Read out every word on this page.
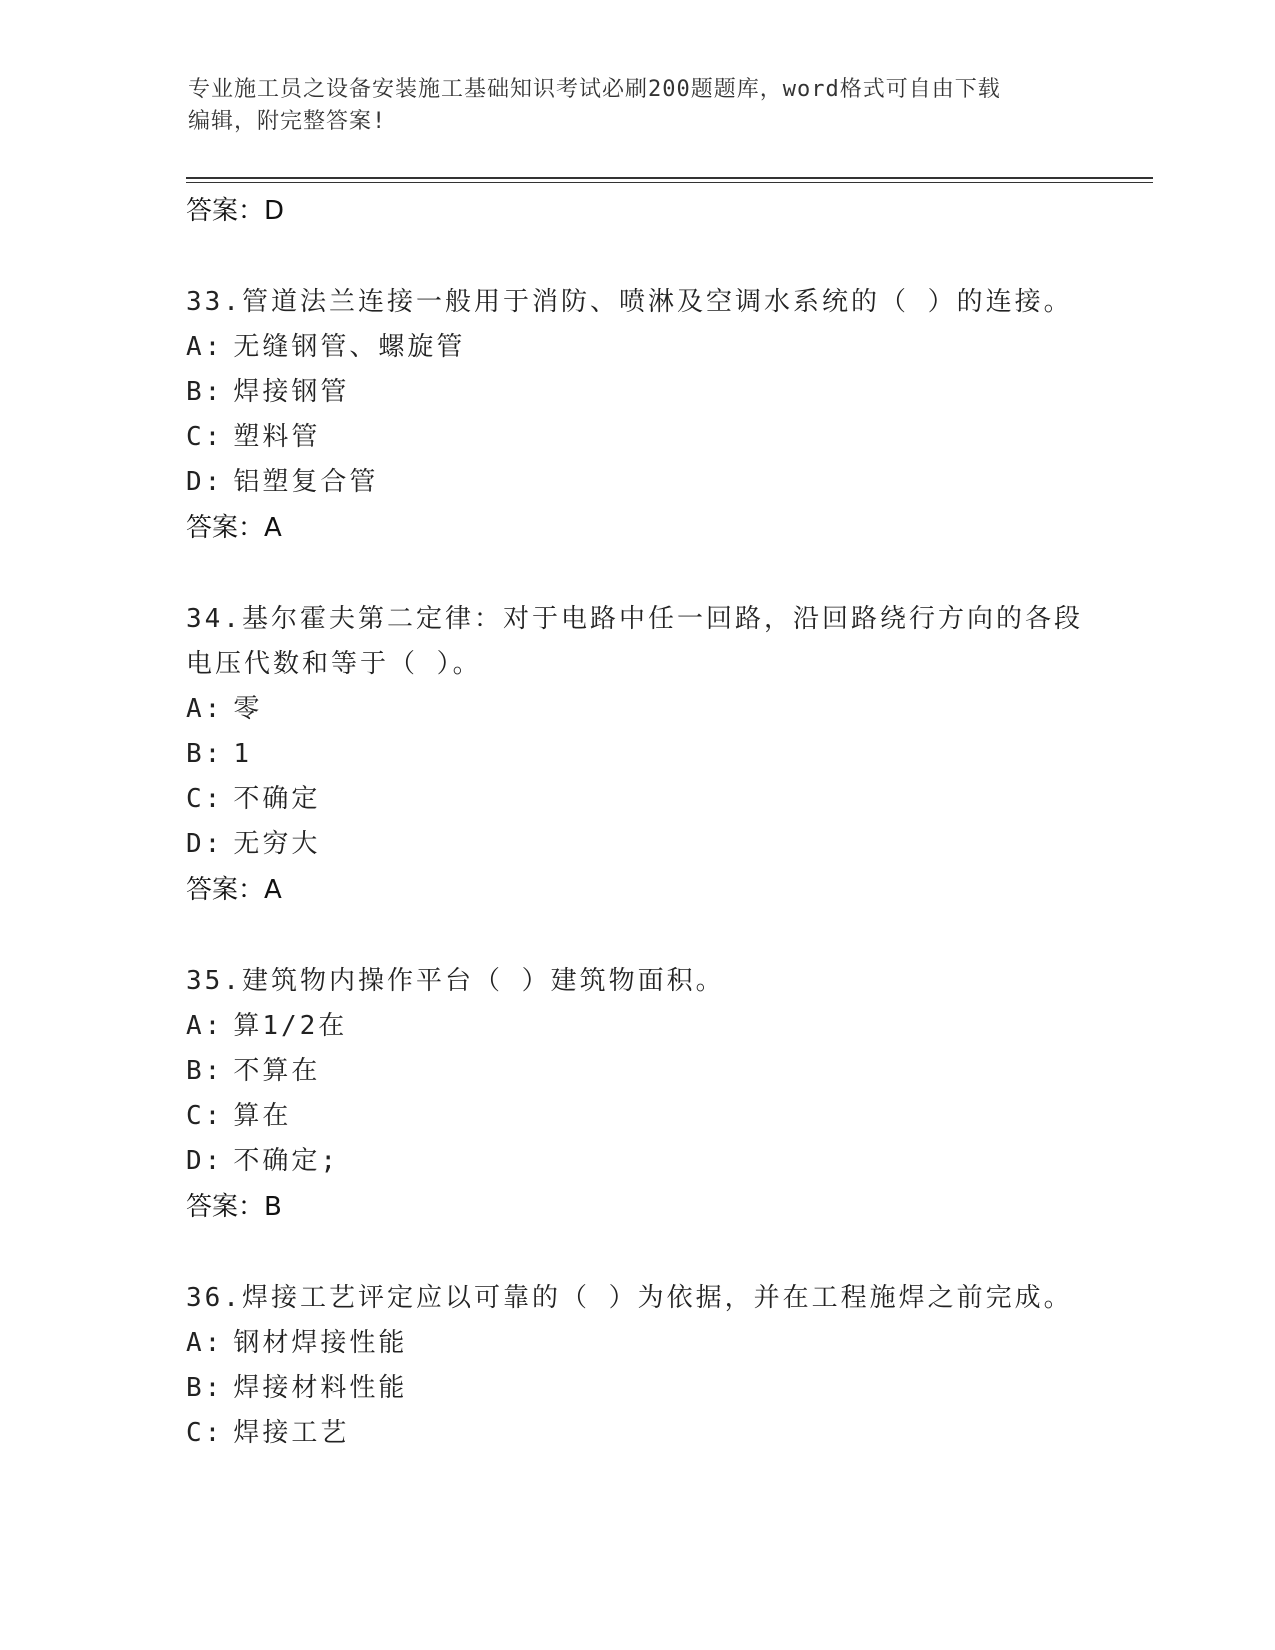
专业施工员之设备安装施工基础知识考试必刷200题题库，word格式可自由下载
编辑，附完整答案!
答案：D

33.管道法兰连接一般用于消防、喷淋及空调水系统的（ ）的连接。

A: 无缝钢管、螺旋管
B: 焊接钢管
C: 塑料管
D: 铝塑复合管
答案：A

34.基尔霍夫第二定律：对于电路中任一回路，沿回路绕行方向的各段电压代数和等于（ ）。

A: 零
B: 1
C: 不确定
D: 无穷大
答案：A

35.建筑物内操作平台（ ）建筑物面积。

A: 算1/2在
B: 不算在
C: 算在
D: 不确定;
答案：B

36.焊接工艺评定应以可靠的（ ）为依据，并在工程施焊之前完成。

A: 钢材焊接性能
B: 焊接材料性能
C: 焊接工艺
